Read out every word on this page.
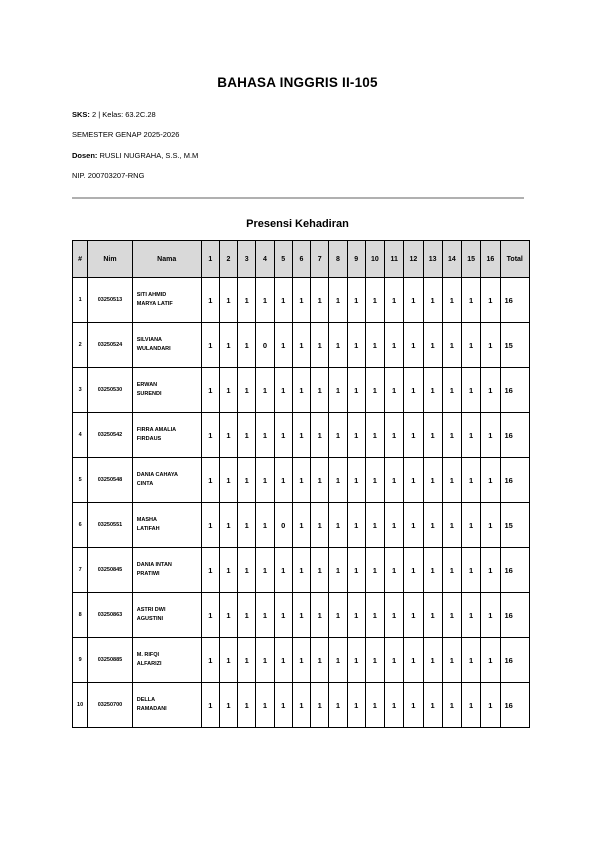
BAHASA INGGRIS II-105
SKS: 2 | Kelas: 63.2C.28
SEMESTER GENAP 2025-2026
Dosen: RUSLI NUGRAHA, S.S., M.M
NIP. 200703207-RNG
Presensi Kehadiran
#	Nim	Nama	1	2	3	4	5	6	7	8	9	10	11	12	13	14	15	16	Total
1	03250513	SITI AHMID
MARYA LATIF	1	1	1	1	1	1	1	1	1	1	1	1	1	1	1	1	16
2	03250524	SILVIANA
WULANDARI	1	1	1	0	1	1	1	1	1	1	1	1	1	1	1	1	15
3	03250530	ERWAN
SURENDI	1	1	1	1	1	1	1	1	1	1	1	1	1	1	1	1	16
4	03250542	FIRRA AMALIA
FIRDAUS	1	1	1	1	1	1	1	1	1	1	1	1	1	1	1	1	16
5	03250548	DANIA CAHAYA
CINTA	1	1	1	1	1	1	1	1	1	1	1	1	1	1	1	1	16
6	03250551	MASHA
LATIFAH	1	1	1	1	0	1	1	1	1	1	1	1	1	1	1	1	15
7	03250845	DANIA INTAN
PRATIWI	1	1	1	1	1	1	1	1	1	1	1	1	1	1	1	1	16
8	03250863	ASTRI DWI
AGUSTINI	1	1	1	1	1	1	1	1	1	1	1	1	1	1	1	1	16
9	03250885	M. RIFQI
ALFARIZI	1	1	1	1	1	1	1	1	1	1	1	1	1	1	1	1	16
10	03250700	DELLA
RAMADANI	1	1	1	1	1	1	1	1	1	1	1	1	1	1	1	1	16
